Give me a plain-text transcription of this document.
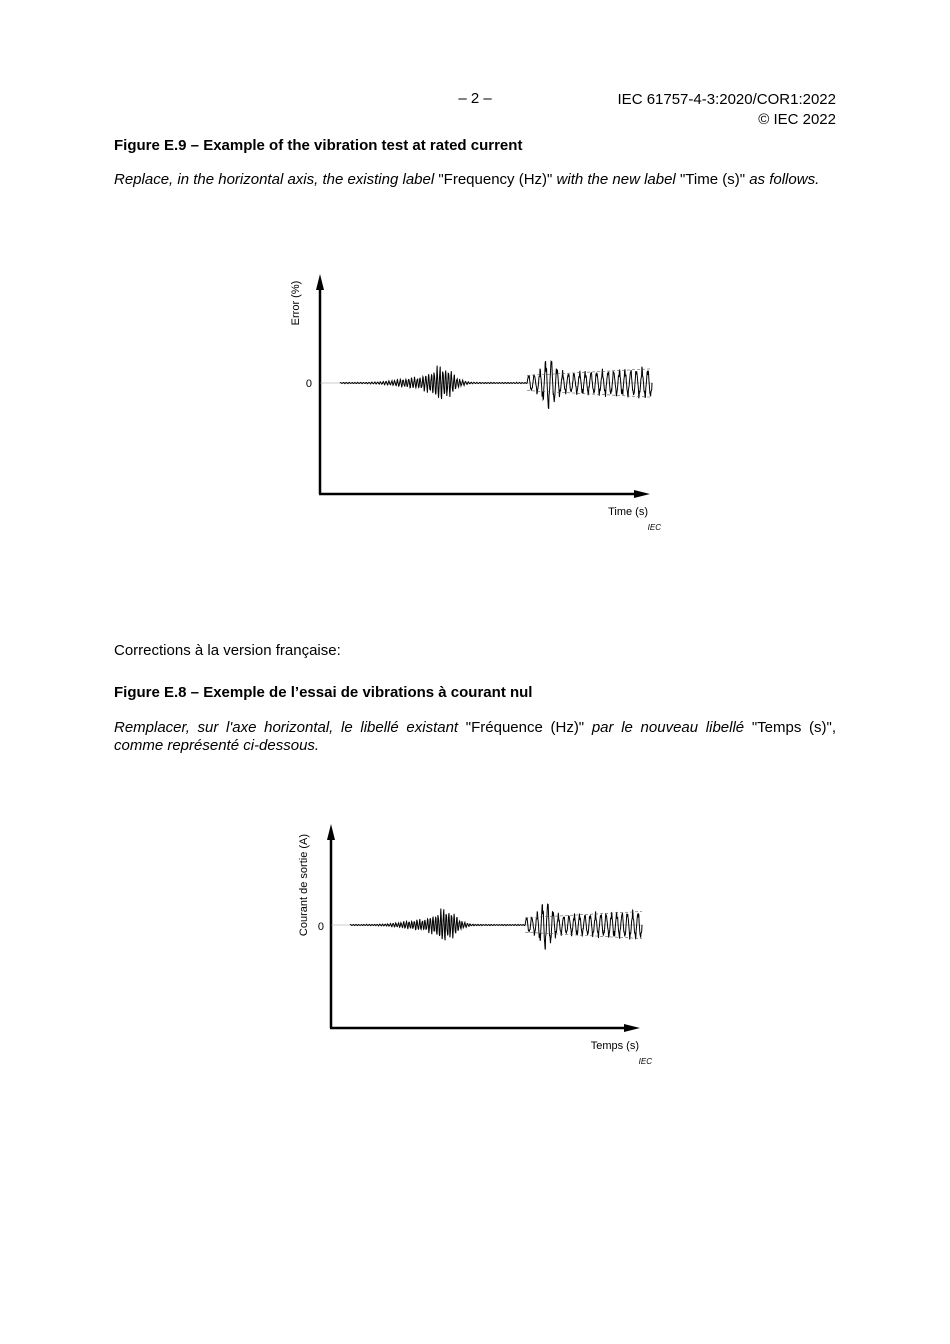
– 2 –	IEC 61757-4-3:2020/COR1:2022
© IEC 2022
Figure E.9 – Example of the vibration test at rated current
Replace, in the horizontal axis, the existing label "Frequency (Hz)" with the new label "Time (s)" as follows.
Corrections à la version française:
Figure E.8 – Exemple de l’essai de vibrations à courant nul
Remplacer, sur l'axe horizontal, le libellé existant "Fréquence (Hz)" par le nouveau libellé "Temps (s)", comme représenté ci-dessous.
Error (%)
0
Time (s)
IEC
Courant de sortie (A) 0
Temps (s)
IEC
